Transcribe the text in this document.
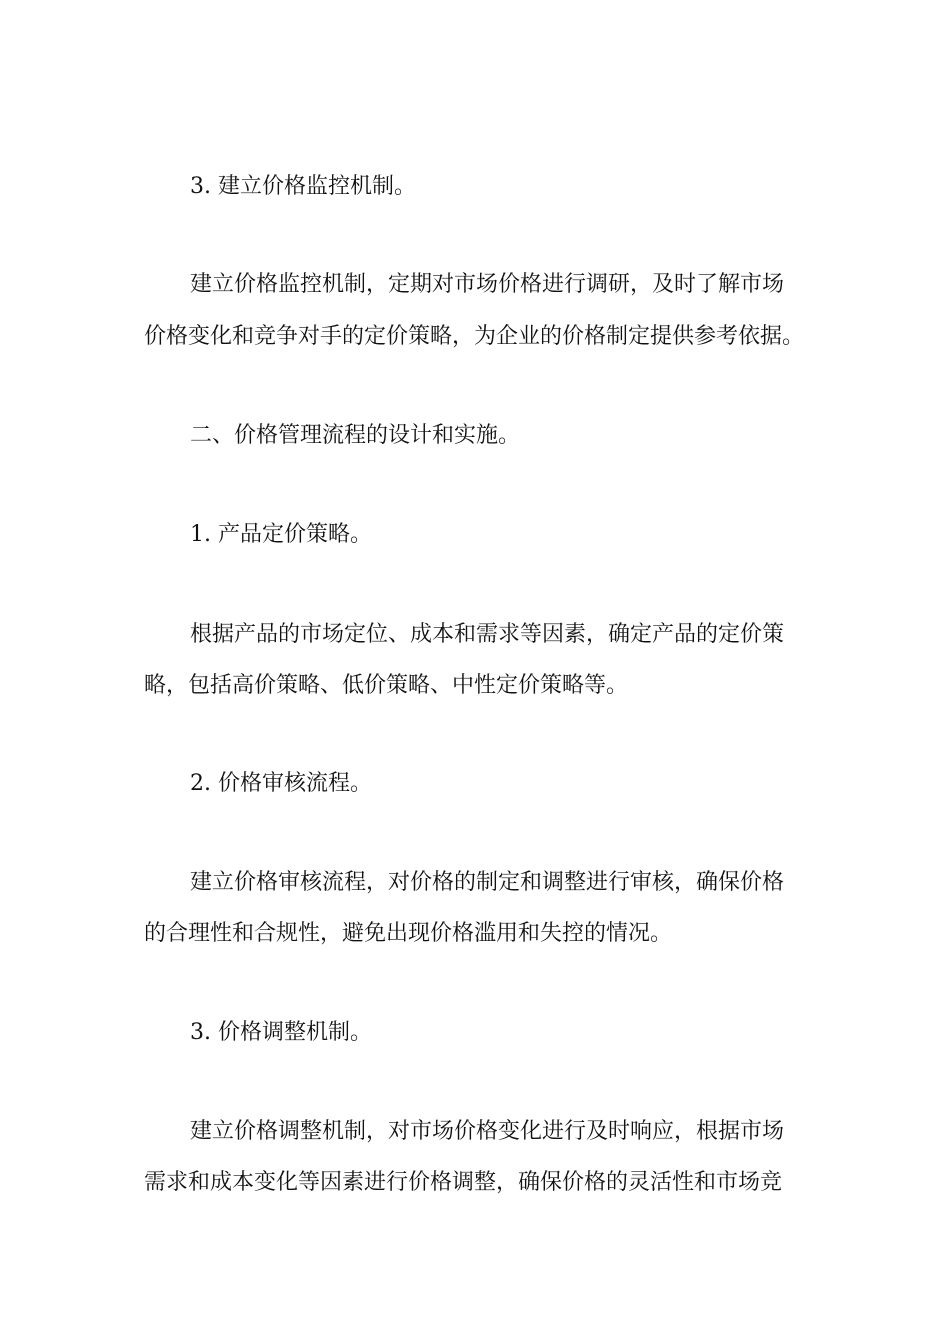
3. 建立价格监控机制。
建立价格监控机制，定期对市场价格进行调研，及时了解市场
价格变化和竞争对手的定价策略，为企业的价格制定提供参考依据。
二、价格管理流程的设计和实施。
1. 产品定价策略。
根据产品的市场定位、成本和需求等因素，确定产品的定价策
略，包括高价策略、低价策略、中性定价策略等。
2. 价格审核流程。
建立价格审核流程，对价格的制定和调整进行审核，确保价格
的合理性和合规性，避免出现价格滥用和失控的情况。
3. 价格调整机制。
建立价格调整机制，对市场价格变化进行及时响应，根据市场
需求和成本变化等因素进行价格调整，确保价格的灵活性和市场竞
